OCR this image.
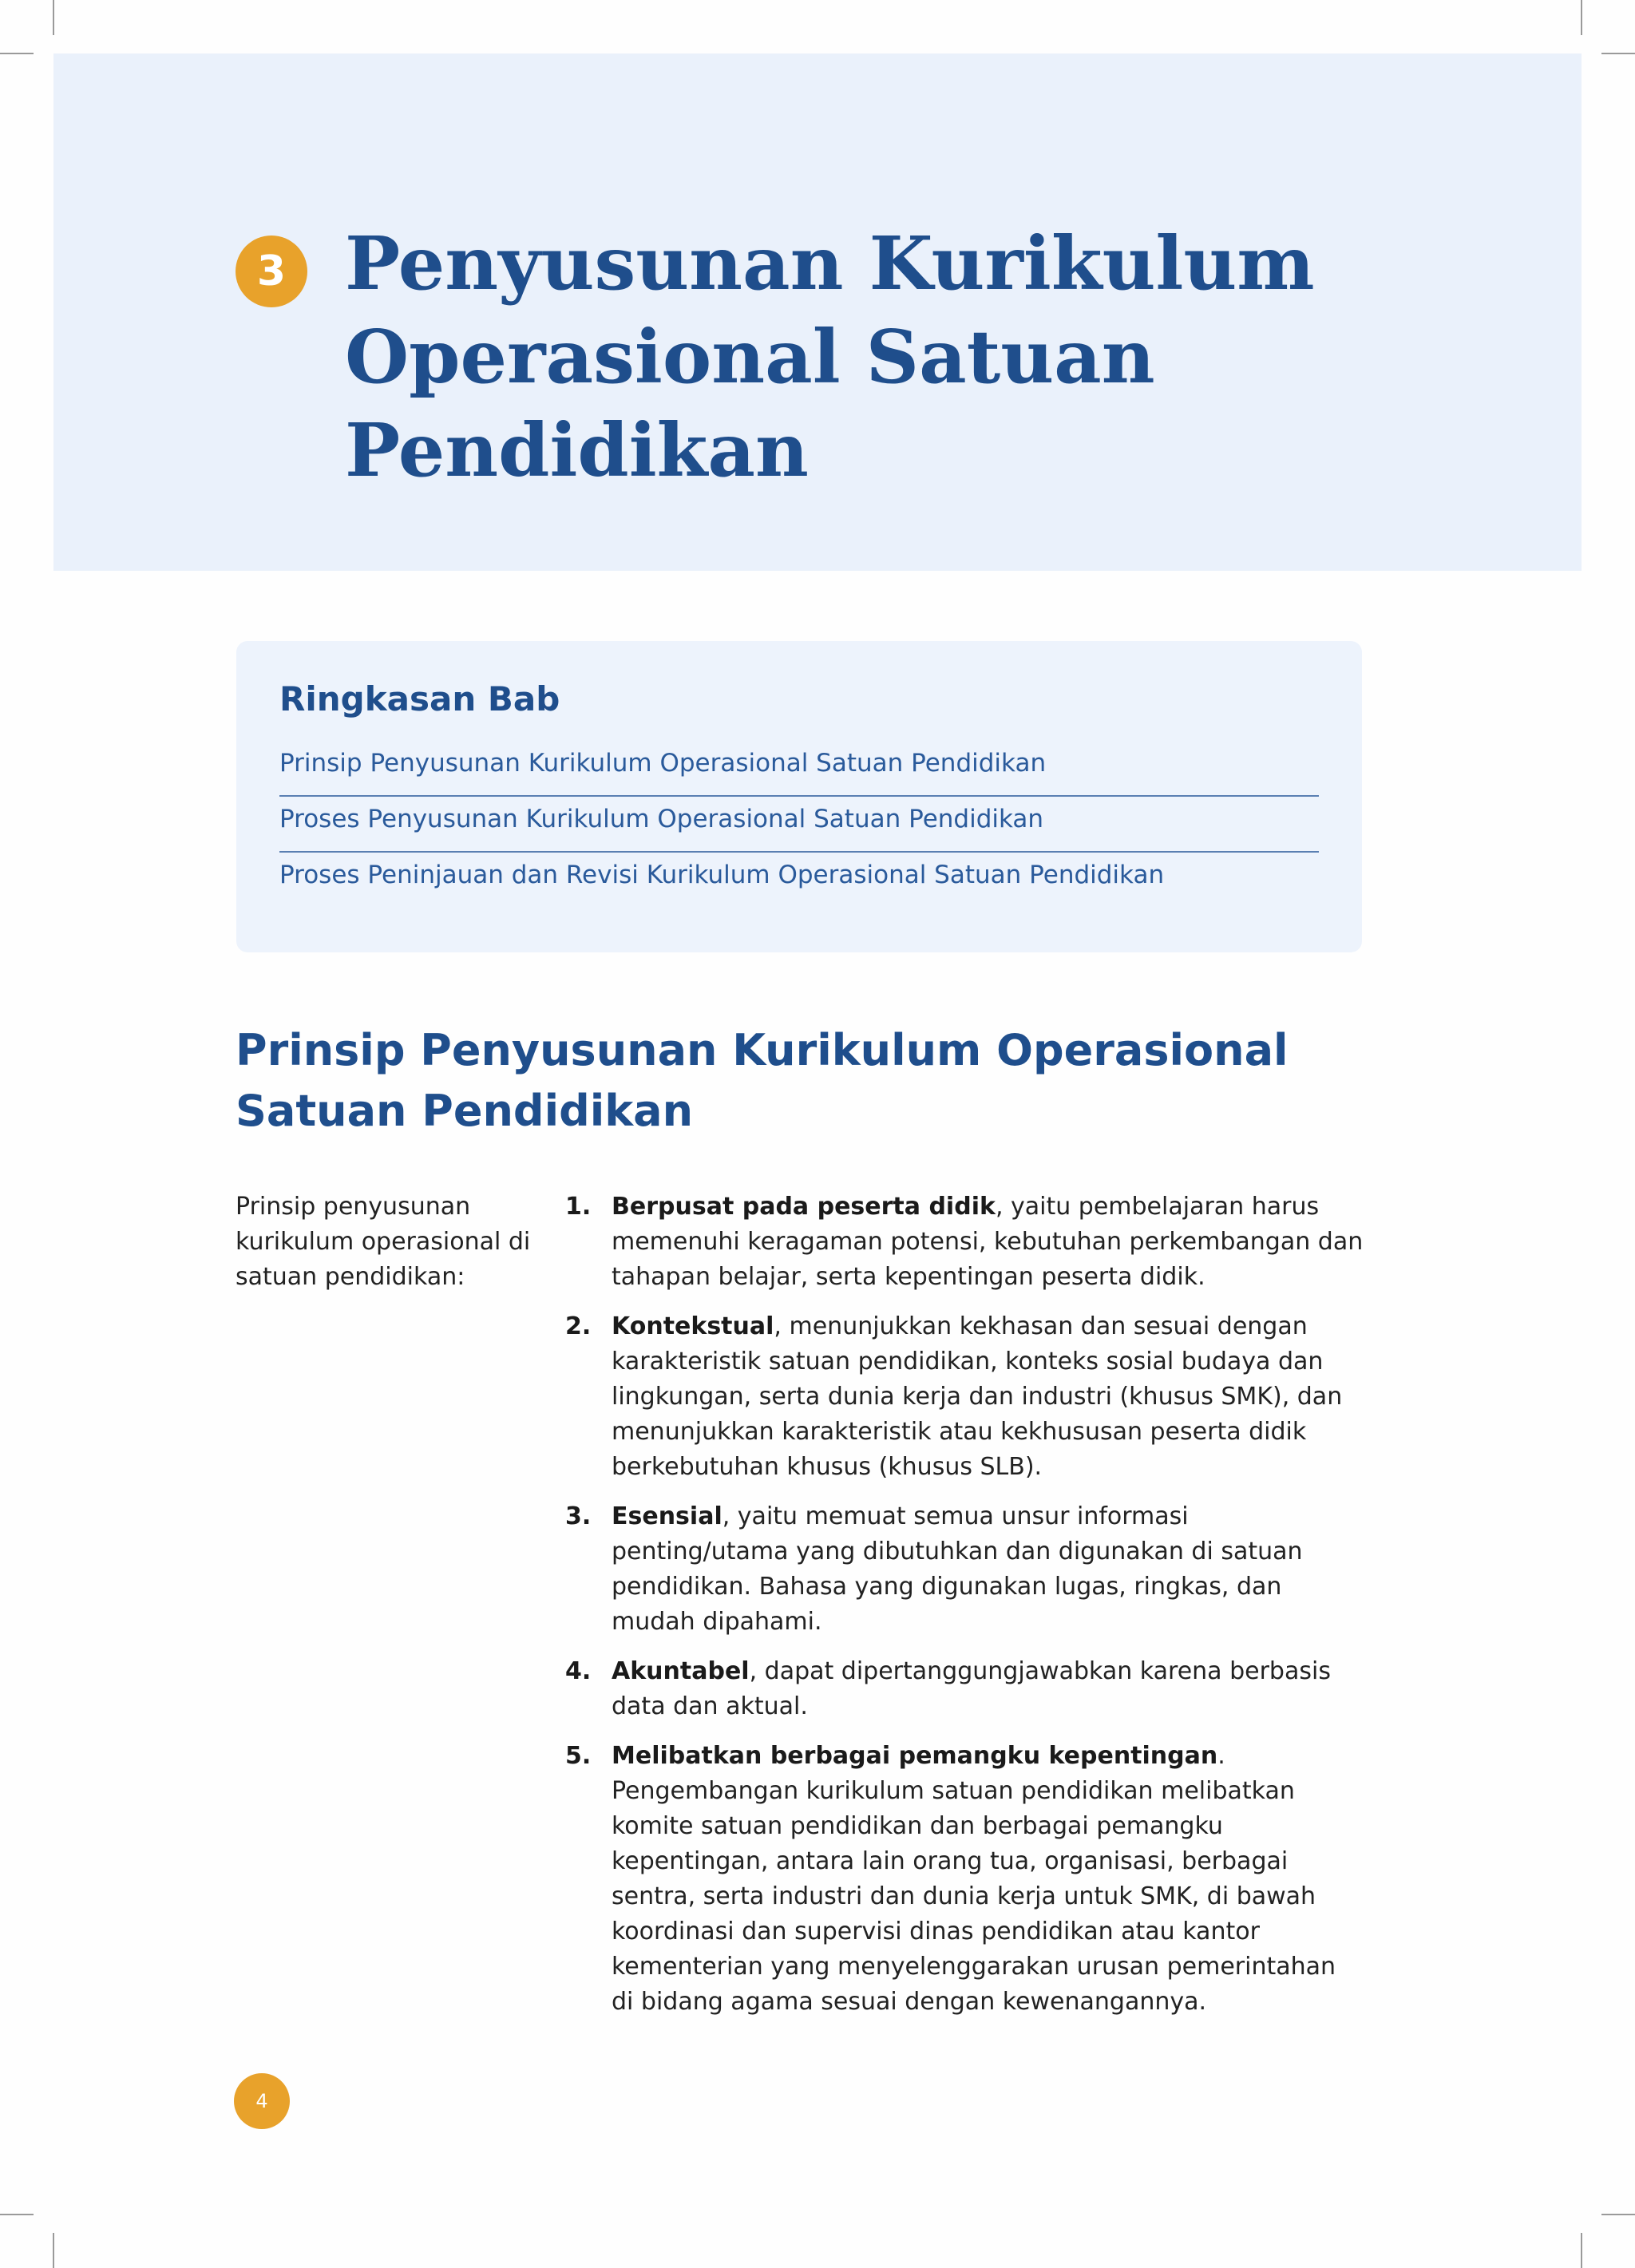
3 Penyusunan Kurikulum Operasional Satuan Pendidikan
Ringkasan Bab
Prinsip Penyusunan Kurikulum Operasional Satuan Pendidikan
Proses Penyusunan Kurikulum Operasional Satuan Pendidikan
Proses Peninjauan dan Revisi Kurikulum Operasional Satuan Pendidikan
Prinsip Penyusunan Kurikulum Operasional Satuan Pendidikan

Prinsip penyusunan kurikulum operasional di satuan pendidikan:

1. Berpusat pada peserta didik, yaitu pembelajaran harus memenuhi keragaman potensi, kebutuhan perkembangan dan tahapan belajar, serta kepentingan peserta didik.
2. Kontekstual, menunjukkan kekhasan dan sesuai dengan karakteristik satuan pendidikan, konteks sosial budaya dan lingkungan, serta dunia kerja dan industri (khusus SMK), dan menunjukkan karakteristik atau kekhususan peserta didik berkebutuhan khusus (khusus SLB).
3. Esensial, yaitu memuat semua unsur informasi penting/utama yang dibutuhkan dan digunakan di satuan pendidikan. Bahasa yang digunakan lugas, ringkas, dan mudah dipahami.
4. Akuntabel, dapat dipertanggungjawabkan karena berbasis data dan aktual.
5. Melibatkan berbagai pemangku kepentingan. Pengembangan kurikulum satuan pendidikan melibatkan komite satuan pendidikan dan berbagai pemangku kepentingan, antara lain orang tua, organisasi, berbagai sentra, serta industri dan dunia kerja untuk SMK, di bawah koordinasi dan supervisi dinas pendidikan atau kantor kementerian yang menyelenggarakan urusan pemerintahan di bidang agama sesuai dengan kewenangannya.
4
